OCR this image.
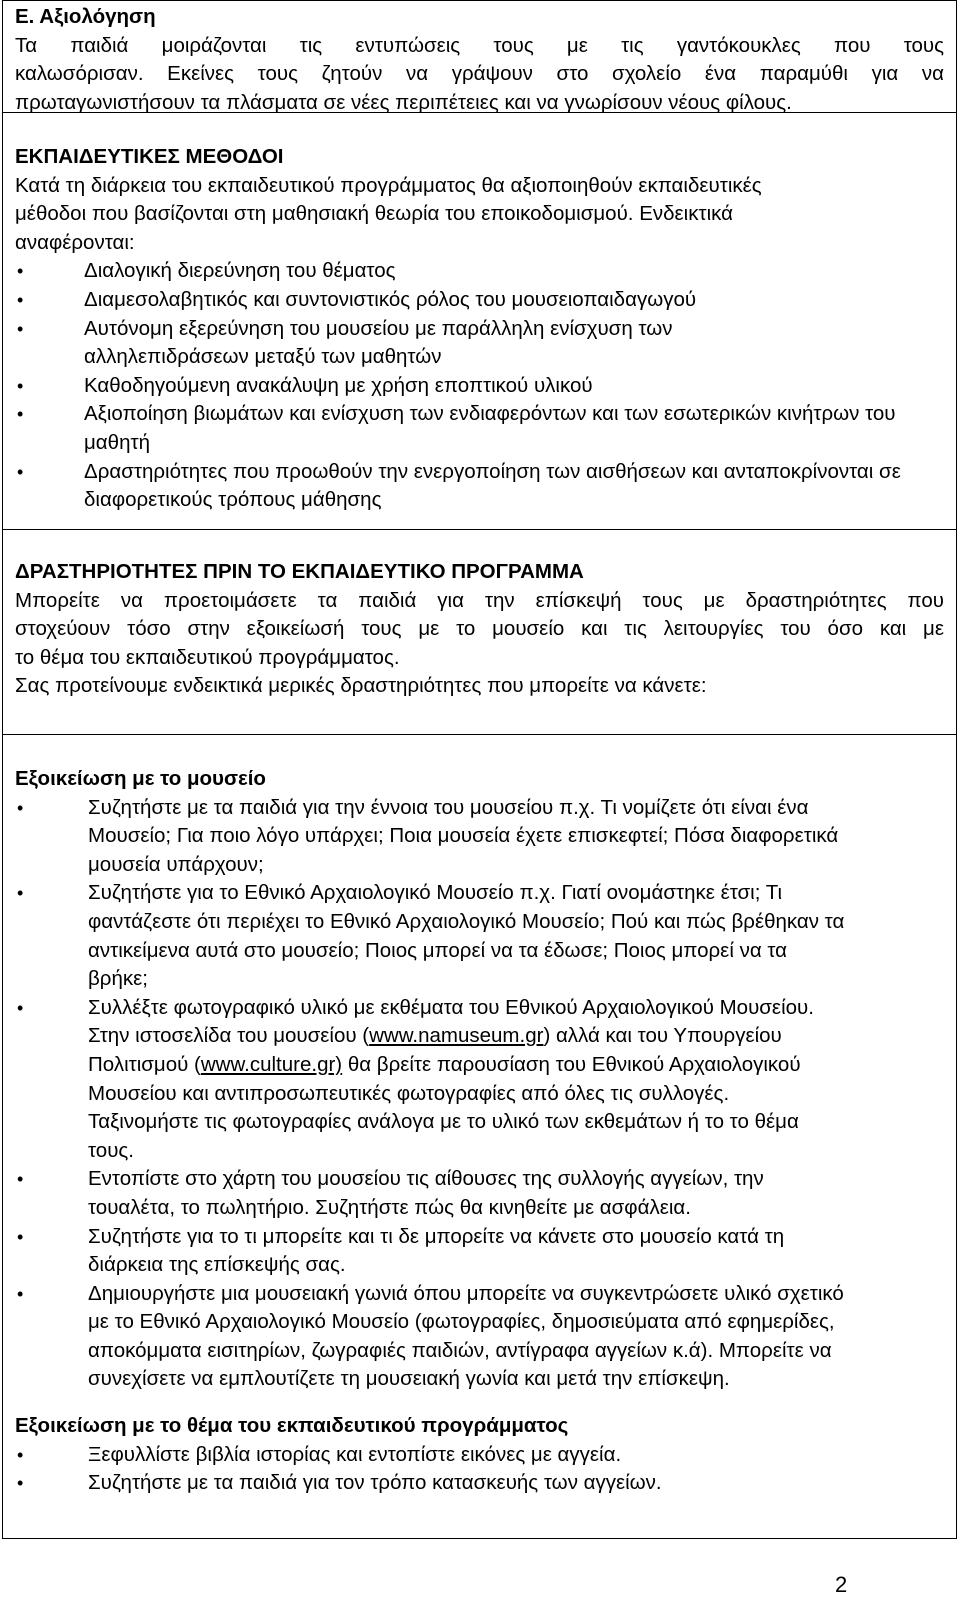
Ε. Αξιολόγηση
Τα παιδιά μοιράζονται τις εντυπώσεις τους με τις γαντόκουκλες που τους
καλωσόρισαν. Εκείνες τους ζητούν να γράψουν στο σχολείο ένα παραμύθι για να
πρωταγωνιστήσουν τα πλάσματα σε νέες περιπέτειες και να γνωρίσουν νέους φίλους.
ΕΚΠΑΙΔΕΥΤΙΚΕΣ ΜΕΘΟΔΟΙ
Κατά τη διάρκεια του εκπαιδευτικού προγράμματος θα αξιοποιηθούν εκπαιδευτικές
μέθοδοι που βασίζονται στη μαθησιακή θεωρία του εποικοδομισμού. Ενδεικτικά
αναφέρονται:
•	Διαλογική διερεύνηση του θέματος
•	Διαμεσολαβητικός και συντονιστικός ρόλος του μουσειοπαιδαγωγού
•	Αυτόνομη εξερεύνηση του μουσείου με παράλληλη ενίσχυση των αλληλεπιδράσεων μεταξύ των μαθητών
•	Καθοδηγούμενη ανακάλυψη με χρήση εποπτικού υλικού
•	Αξιοποίηση βιωμάτων και ενίσχυση των ενδιαφερόντων και των εσωτερικών κινήτρων του μαθητή
•	Δραστηριότητες που προωθούν την ενεργοποίηση των αισθήσεων και ανταποκρίνονται σε διαφορετικούς τρόπους μάθησης
ΔΡΑΣΤΗΡΙΟΤΗΤΕΣ ΠΡΙΝ ΤΟ ΕΚΠΑΙΔΕΥΤΙΚΟ ΠΡΟΓΡΑΜΜΑ
Μπορείτε να προετοιμάσετε τα παιδιά για την επίσκεψή τους με δραστηριότητες που
στοχεύουν τόσο στην εξοικείωσή τους με το μουσείο και τις λειτουργίες του όσο και με
το θέμα του εκπαιδευτικού προγράμματος.
Σας προτείνουμε ενδεικτικά μερικές δραστηριότητες που μπορείτε να κάνετε:
Εξοικείωση με το μουσείο
•	Συζητήστε με τα παιδιά για την έννοια του μουσείου π.χ. Τι νομίζετε ότι είναι ένα Μουσείο; Για ποιο λόγο υπάρχει; Ποια μουσεία έχετε επισκεφτεί; Πόσα διαφορετικά μουσεία υπάρχουν;
•	Συζητήστε για το Εθνικό Αρχαιολογικό Μουσείο π.χ. Γιατί ονομάστηκε έτσι; Τι φαντάζεστε ότι περιέχει το Εθνικό Αρχαιολογικό Μουσείο; Πού και πώς βρέθηκαν τα αντικείμενα αυτά στο μουσείο; Ποιος μπορεί να τα έδωσε; Ποιος μπορεί να τα βρήκε;
•	Συλλέξτε φωτογραφικό υλικό με εκθέματα του Εθνικού Αρχαιολογικού Μουσείου. Στην ιστοσελίδα του μουσείου (www.namuseum.gr) αλλά και του Υπουργείου Πολιτισμού (www.culture.gr) θα βρείτε παρουσίαση του Εθνικού Αρχαιολογικού Μουσείου και αντιπροσωπευτικές φωτογραφίες από όλες τις συλλογές. Ταξινομήστε τις φωτογραφίες ανάλογα με το υλικό των εκθεμάτων ή το το θέμα τους.
•	Εντοπίστε στο χάρτη του μουσείου τις αίθουσες της συλλογής αγγείων, την τουαλέτα, το πωλητήριο. Συζητήστε πώς θα κινηθείτε με ασφάλεια.
•	Συζητήστε για το τι μπορείτε και τι δε μπορείτε να κάνετε στο μουσείο κατά τη διάρκεια της επίσκεψής σας.
•	Δημιουργήστε μια μουσειακή γωνιά όπου μπορείτε να συγκεντρώσετε υλικό σχετικό με το Εθνικό Αρχαιολογικό Μουσείο (φωτογραφίες, δημοσιεύματα από εφημερίδες, αποκόμματα εισιτηρίων, ζωγραφιές παιδιών, αντίγραφα αγγείων κ.ά). Μπορείτε να συνεχίσετε να εμπλουτίζετε τη μουσειακή γωνία και μετά την επίσκεψη.
Εξοικείωση με το θέμα του εκπαιδευτικού προγράμματος
•	Ξεφυλλίστε βιβλία ιστορίας και εντοπίστε εικόνες με αγγεία.
•	Συζητήστε με τα παιδιά για τον τρόπο κατασκευής των αγγείων.
2
